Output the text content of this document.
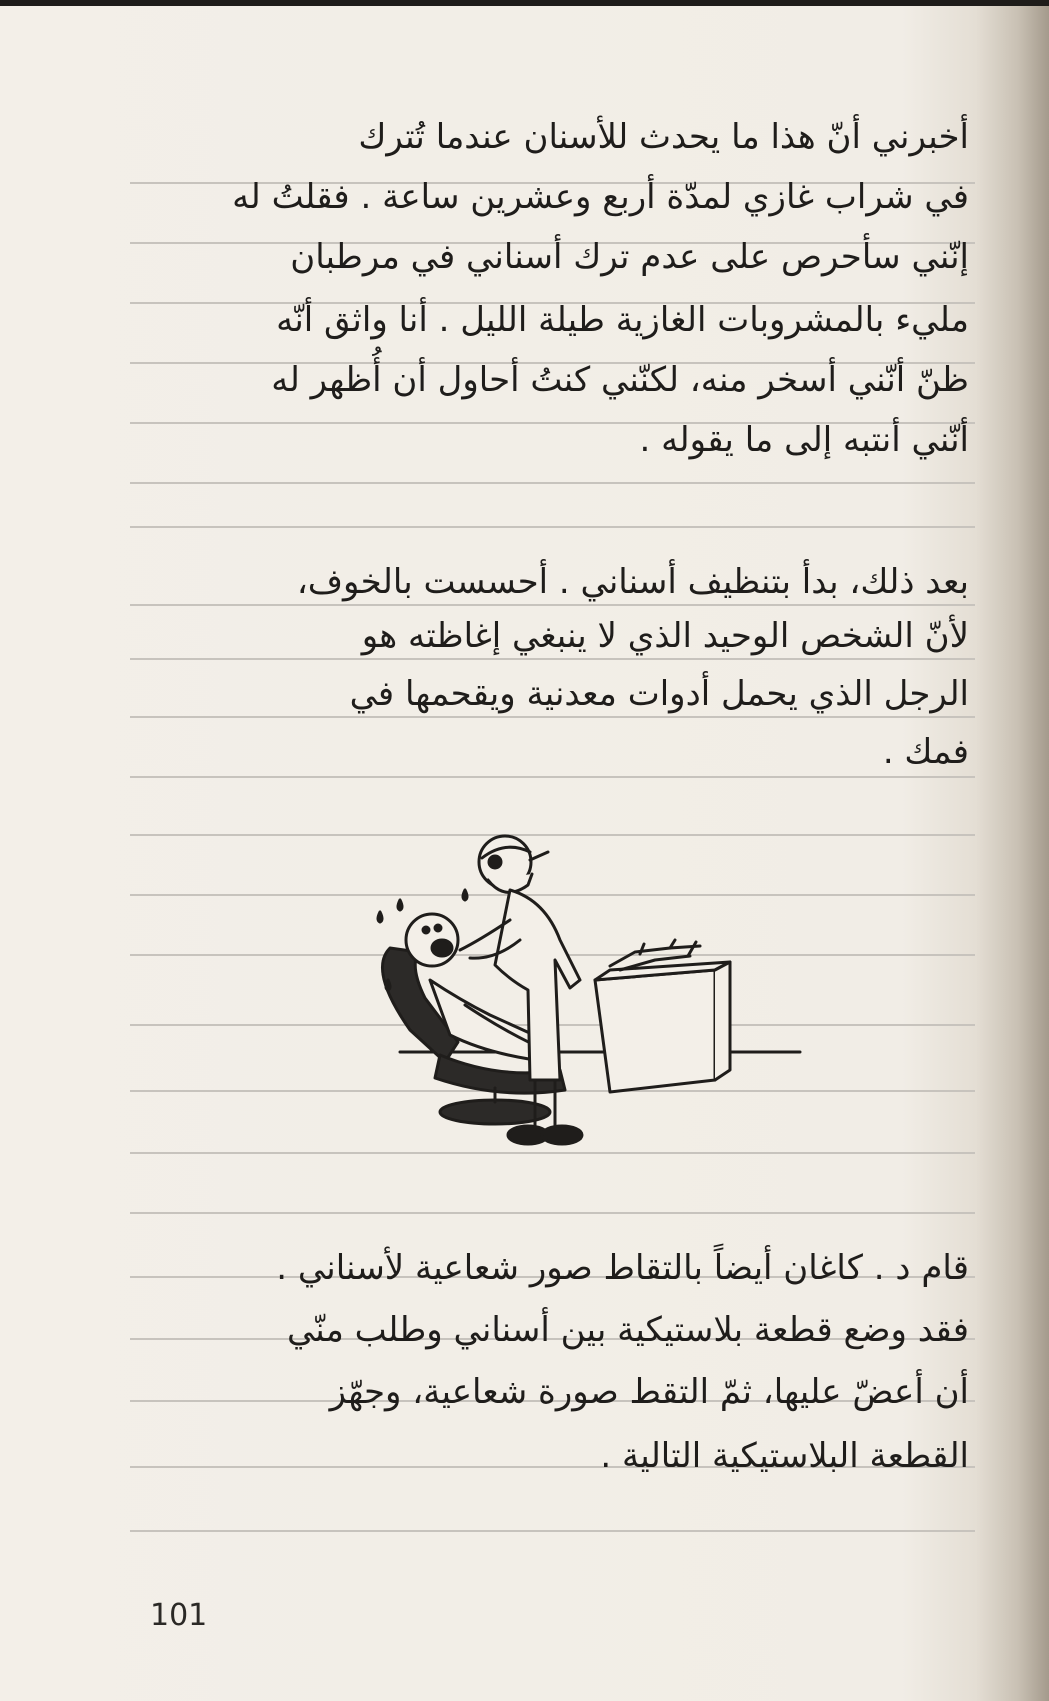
أخبرني أنّ هذا ما يحدث للأسنان عندما تُترك
في شراب غازي لمدّة أربع وعشرين ساعة . فقلتُ له
إنّني سأحرص على عدم ترك أسناني في مرطبان
مليء بالمشروبات الغازية طيلة الليل . أنا واثق أنّه
ظنّ أنّني أسخر منه، لكنّني كنتُ أحاول أن أُظهر له
أنّني أنتبه إلى ما يقوله .
بعد ذلك، بدأ بتنظيف أسناني . أحسست بالخوف،
لأنّ الشخص الوحيد الذي لا ينبغي إغاظته هو
الرجل الذي يحمل أدوات معدنية ويقحمها في
فمك .
قام د . كاغان أيضاً بالتقاط صور شعاعية لأسناني .
فقد وضع قطعة بلاستيكية بين أسناني وطلب منّي
أن أعضّ عليها، ثمّ التقط صورة شعاعية، وجهّز
القطعة البلاستيكية التالية .
101
